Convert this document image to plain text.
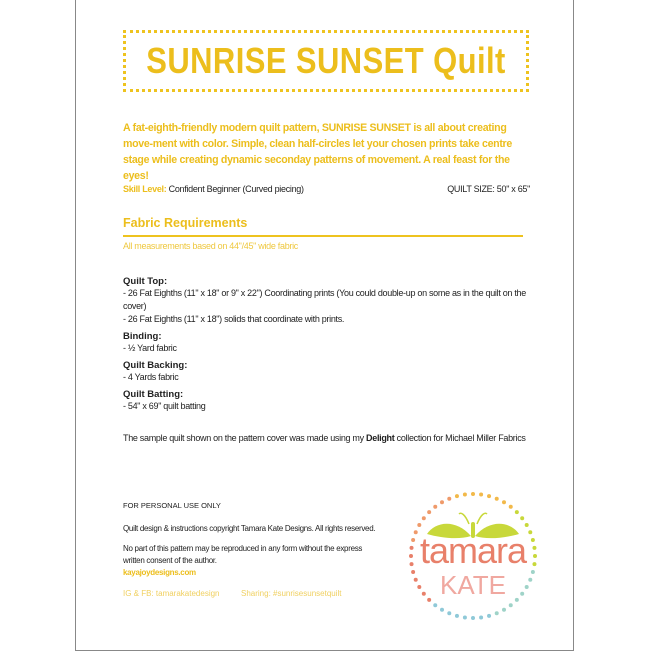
SUNRISE SUNSET Quilt
A fat-eighth-friendly modern quilt pattern, SUNRISE SUNSET is all about creating move-ment with color. Simple, clean half-circles let your chosen prints take centre stage while creating dynamic seconday patterns of movement. A real feast for the eyes!
Skill Level: Confident Beginner (Curved piecing)	QUILT SIZE: 50" x 65"
Fabric Requirements
All measurements based on 44"/45" wide fabric
Quilt Top:
- 26 Fat Eighths (11" x 18" or 9" x 22") Coordinating prints (You could double-up on some as in the quilt on the cover)
- 26 Fat Eighths (11" x 18") solids that coordinate with prints.
Binding:
- ½ Yard fabric
Quilt Backing:
- 4 Yards fabric
Quilt Batting:
- 54" x 69" quilt batting
The sample quilt shown on the pattern cover was made using my Delight collection for Michael Miller Fabrics
FOR PERSONAL USE ONLY
Quilt design & instructions copyright Tamara Kate Designs. All rights reserved.
No part of this pattern may be reproduced in any form without the express
written consent of the author.
kayajoydesigns.com
IG & FB: tamarakatedesign	Sharing: #sunrisesunsetquilt
tamara
KATE
